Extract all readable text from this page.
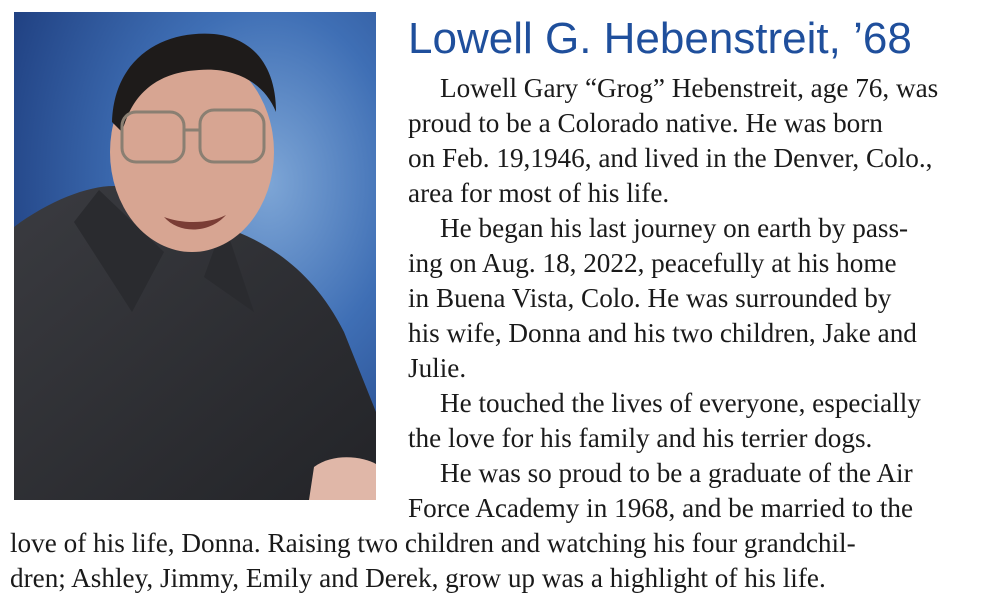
Lowell G. Hebenstreit, ’68

Lowell Gary “Grog” Hebenstreit, age 76, was

proud to be a Colorado native. He was born

on Feb. 19,1946, and lived in the Denver, Colo.,

area for most of his life.

He began his last journey on earth by pass-

ing on Aug. 18, 2022, peacefully at his home

in Buena Vista, Colo. He was surrounded by

his wife, Donna and his two children, Jake and

Julie.

He touched the lives of everyone, especially

the love for his family and his terrier dogs.

He was so proud to be a graduate of the Air

Force Academy in 1968, and be married to the

love of his life, Donna. Raising two children and watching his four grandchil-

dren; Ashley, Jimmy, Emily and Derek, grow up was a highlight of his life.
